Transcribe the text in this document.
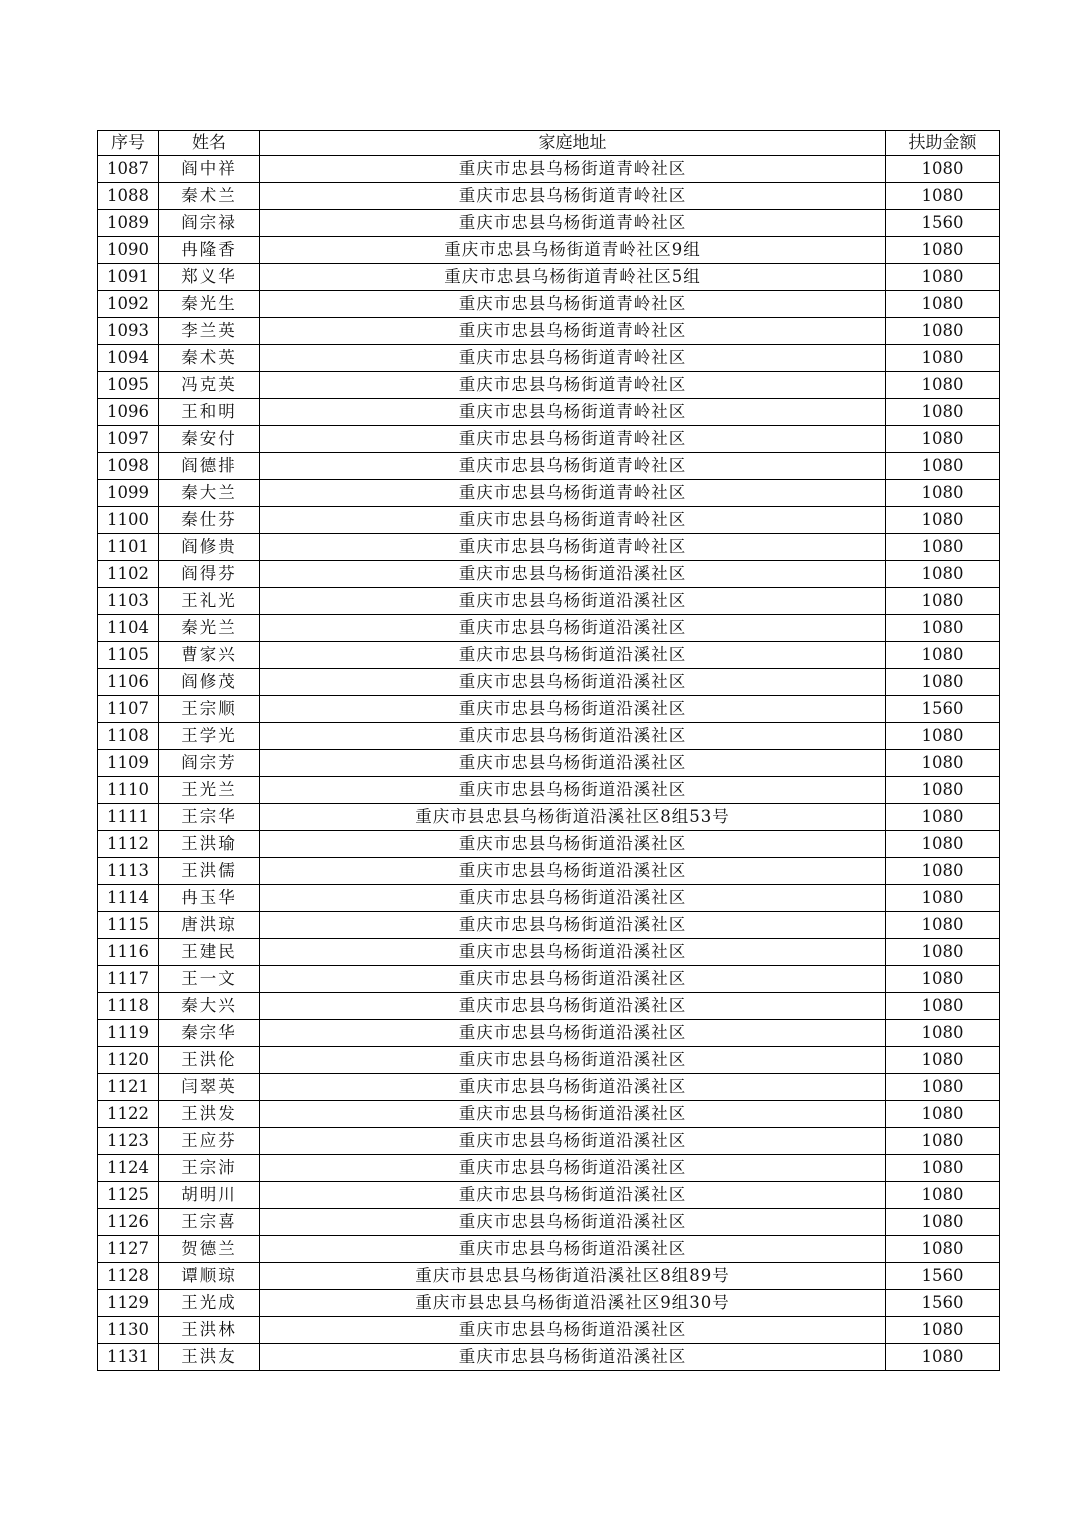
序号	姓名	家庭地址	扶助金额
1087	阎中祥	重庆市忠县乌杨街道青岭社区	1080
1088	秦术兰	重庆市忠县乌杨街道青岭社区	1080
1089	阎宗禄	重庆市忠县乌杨街道青岭社区	1560
1090	冉隆香	重庆市忠县乌杨街道青岭社区9组	1080
1091	郑义华	重庆市忠县乌杨街道青岭社区5组	1080
1092	秦光生	重庆市忠县乌杨街道青岭社区	1080
1093	李兰英	重庆市忠县乌杨街道青岭社区	1080
1094	秦术英	重庆市忠县乌杨街道青岭社区	1080
1095	冯克英	重庆市忠县乌杨街道青岭社区	1080
1096	王和明	重庆市忠县乌杨街道青岭社区	1080
1097	秦安付	重庆市忠县乌杨街道青岭社区	1080
1098	阎德排	重庆市忠县乌杨街道青岭社区	1080
1099	秦大兰	重庆市忠县乌杨街道青岭社区	1080
1100	秦仕芬	重庆市忠县乌杨街道青岭社区	1080
1101	阎修贵	重庆市忠县乌杨街道青岭社区	1080
1102	阎得芬	重庆市忠县乌杨街道沿溪社区	1080
1103	王礼光	重庆市忠县乌杨街道沿溪社区	1080
1104	秦光兰	重庆市忠县乌杨街道沿溪社区	1080
1105	曹家兴	重庆市忠县乌杨街道沿溪社区	1080
1106	阎修茂	重庆市忠县乌杨街道沿溪社区	1080
1107	王宗顺	重庆市忠县乌杨街道沿溪社区	1560
1108	王学光	重庆市忠县乌杨街道沿溪社区	1080
1109	阎宗芳	重庆市忠县乌杨街道沿溪社区	1080
1110	王光兰	重庆市忠县乌杨街道沿溪社区	1080
1111	王宗华	重庆市县忠县乌杨街道沿溪社区8组53号	1080
1112	王洪瑜	重庆市忠县乌杨街道沿溪社区	1080
1113	王洪儒	重庆市忠县乌杨街道沿溪社区	1080
1114	冉玉华	重庆市忠县乌杨街道沿溪社区	1080
1115	唐洪琼	重庆市忠县乌杨街道沿溪社区	1080
1116	王建民	重庆市忠县乌杨街道沿溪社区	1080
1117	王一文	重庆市忠县乌杨街道沿溪社区	1080
1118	秦大兴	重庆市忠县乌杨街道沿溪社区	1080
1119	秦宗华	重庆市忠县乌杨街道沿溪社区	1080
1120	王洪伦	重庆市忠县乌杨街道沿溪社区	1080
1121	闫翠英	重庆市忠县乌杨街道沿溪社区	1080
1122	王洪发	重庆市忠县乌杨街道沿溪社区	1080
1123	王应芬	重庆市忠县乌杨街道沿溪社区	1080
1124	王宗沛	重庆市忠县乌杨街道沿溪社区	1080
1125	胡明川	重庆市忠县乌杨街道沿溪社区	1080
1126	王宗喜	重庆市忠县乌杨街道沿溪社区	1080
1127	贺德兰	重庆市忠县乌杨街道沿溪社区	1080
1128	谭顺琼	重庆市县忠县乌杨街道沿溪社区8组89号	1560
1129	王光成	重庆市县忠县乌杨街道沿溪社区9组30号	1560
1130	王洪林	重庆市忠县乌杨街道沿溪社区	1080
1131	王洪友	重庆市忠县乌杨街道沿溪社区	1080
